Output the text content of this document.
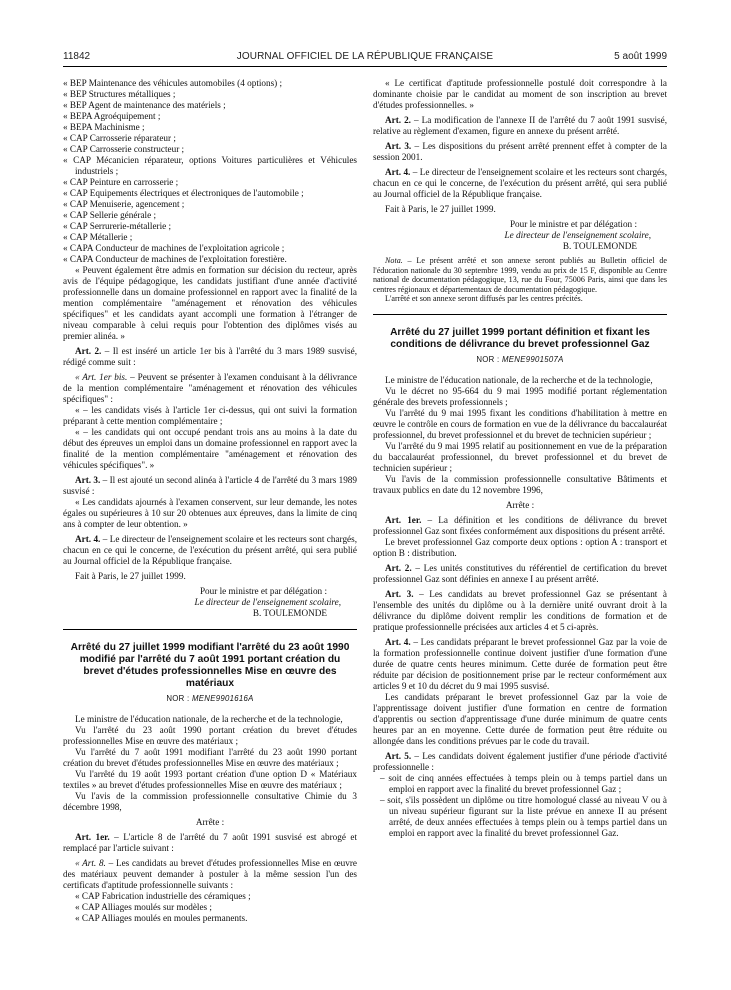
11842	JOURNAL OFFICIEL DE LA RÉPUBLIQUE FRANÇAISE	5 août 1999

« BEP Maintenance des véhicules automobiles (4 options) ;

« BEP Structures métalliques ;

« BEP Agent de maintenance des matériels ;

« BEPA Agroéquipement ;

« BEPA Machinisme ;

« CAP Carrosserie réparateur ;

« CAP Carrosserie constructeur ;

« CAP Mécanicien réparateur, options Voitures particulières et Véhicules industriels ;

« CAP Peinture en carrosserie ;

« CAP Equipements électriques et électroniques de l'automobile ;

« CAP Menuiserie, agencement ;

« CAP Sellerie générale ;

« CAP Serrurerie-métallerie ;

« CAP Métallerie ;

« CAPA Conducteur de machines de l'exploitation agricole ;

« CAPA Conducteur de machines de l'exploitation forestière.

« Peuvent également être admis en formation sur décision du recteur, après avis de l'équipe pédagogique, les candidats justifiant d'une année d'activité professionnelle dans un domaine professionnel en rapport avec la finalité de la mention complémentaire "aménagement et rénovation des véhicules spécifiques" et les candidats ayant accompli une formation à l'étranger de niveau comparable à celui requis pour l'obtention des diplômes visés au premier alinéa. »

Art. 2. – Il est inséré un article 1er bis à l'arrêté du 3 mars 1989 susvisé, rédigé comme suit :

« Art. 1er bis. – Peuvent se présenter à l'examen conduisant à la délivrance de la mention complémentaire "aménagement et rénovation des véhicules spécifiques" :

« – les candidats visés à l'article 1er ci-dessus, qui ont suivi la formation préparant à cette mention complémentaire ;

« – les candidats qui ont occupé pendant trois ans au moins à la date du début des épreuves un emploi dans un domaine professionnel en rapport avec la finalité de la mention complémentaire "aménagement et rénovation des véhicules spécifiques". »

Art. 3. – Il est ajouté un second alinéa à l'article 4 de l'arrêté du 3 mars 1989 susvisé :

« Les candidats ajournés à l'examen conservent, sur leur demande, les notes égales ou supérieures à 10 sur 20 obtenues aux épreuves, dans la limite de cinq ans à compter de leur obtention. »

Art. 4. – Le directeur de l'enseignement scolaire et les recteurs sont chargés, chacun en ce qui le concerne, de l'exécution du présent arrêté, qui sera publié au Journal officiel de la République française.

Fait à Paris, le 27 juillet 1999.

Pour le ministre et par délégation :

Le directeur de l'enseignement scolaire,

B. TOULEMONDE

Arrêté du 27 juillet 1999 modifiant l'arrêté du 23 août 1990 modifié par l'arrêté du 7 août 1991 portant création du brevet d'études professionnelles Mise en œuvre des matériaux
NOR : MENE9901616A

Le ministre de l'éducation nationale, de la recherche et de la technologie,

Vu l'arrêté du 23 août 1990 portant création du brevet d'études professionnelles Mise en œuvre des matériaux ;

Vu l'arrêté du 7 août 1991 modifiant l'arrêté du 23 août 1990 portant création du brevet d'études professionnelles Mise en œuvre des matériaux ;

Vu l'arrêté du 19 août 1993 portant création d'une option D « Matériaux textiles » au brevet d'études professionnelles Mise en œuvre des matériaux ;

Vu l'avis de la commission professionnelle consultative Chimie du 3 décembre 1998,

Arrête :

Art. 1er. – L'article 8 de l'arrêté du 7 août 1991 susvisé est abrogé et remplacé par l'article suivant :

« Art. 8. – Les candidats au brevet d'études professionnelles Mise en œuvre des matériaux peuvent demander à postuler à la même session l'un des certificats d'aptitude professionnelle suivants :

« CAP Fabrication industrielle des céramiques ;

« CAP Alliages moulés sur modèles ;

« CAP Alliages moulés en moules permanents.

« Le certificat d'aptitude professionnelle postulé doit correspondre à la dominante choisie par le candidat au moment de son inscription au brevet d'études professionnelles. »

Art. 2. – La modification de l'annexe II de l'arrêté du 7 août 1991 susvisé, relative au règlement d'examen, figure en annexe du présent arrêté.

Art. 3. – Les dispositions du présent arrêté prennent effet à compter de la session 2001.

Art. 4. – Le directeur de l'enseignement scolaire et les recteurs sont chargés, chacun en ce qui le concerne, de l'exécution du présent arrêté, qui sera publié au Journal officiel de la République française.

Fait à Paris, le 27 juillet 1999.

Pour le ministre et par délégation :

Le directeur de l'enseignement scolaire,

B. TOULEMONDE

Nota. – Le présent arrêté et son annexe seront publiés au Bulletin officiel de l'éducation nationale du 30 septembre 1999, vendu au prix de 15 F, disponible au Centre national de documentation pédagogique, 13, rue du Four, 75006 Paris, ainsi que dans les centres régionaux et départementaux de documentation pédagogique.

L'arrêté et son annexe seront diffusés par les centres précités.

Arrêté du 27 juillet 1999 portant définition et fixant les conditions de délivrance du brevet professionnel Gaz
NOR : MENE9901507A

Le ministre de l'éducation nationale, de la recherche et de la technologie,

Vu le décret no 95-664 du 9 mai 1995 modifié portant réglementation générale des brevets professionnels ;

Vu l'arrêté du 9 mai 1995 fixant les conditions d'habilitation à mettre en œuvre le contrôle en cours de formation en vue de la délivrance du baccalauréat professionnel, du brevet professionnel et du brevet de technicien supérieur ;

Vu l'arrêté du 9 mai 1995 relatif au positionnement en vue de la préparation du baccalauréat professionnel, du brevet professionnel et du brevet de technicien supérieur ;

Vu l'avis de la commission professionnelle consultative Bâtiments et travaux publics en date du 12 novembre 1996,

Arrête :

Art. 1er. – La définition et les conditions de délivrance du brevet professionnel Gaz sont fixées conformément aux dispositions du présent arrêté.

Le brevet professionnel Gaz comporte deux options : option A : transport et option B : distribution.

Art. 2. – Les unités constitutives du référentiel de certification du brevet professionnel Gaz sont définies en annexe I au présent arrêté.

Art. 3. – Les candidats au brevet professionnel Gaz se présentant à l'ensemble des unités du diplôme ou à la dernière unité ouvrant droit à la délivrance du diplôme doivent remplir les conditions de formation et de pratique professionnelle précisées aux articles 4 et 5 ci-après.

Art. 4. – Les candidats préparant le brevet professionnel Gaz par la voie de la formation professionnelle continue doivent justifier d'une formation d'une durée de quatre cents heures minimum. Cette durée de formation peut être réduite par décision de positionnement prise par le recteur conformément aux articles 9 et 10 du décret du 9 mai 1995 susvisé.

Les candidats préparant le brevet professionnel Gaz par la voie de l'apprentissage doivent justifier d'une formation en centre de formation d'apprentis ou section d'apprentissage d'une durée minimum de quatre cents heures par an en moyenne. Cette durée de formation peut être réduite ou allongée dans les conditions prévues par le code du travail.

Art. 5. – Les candidats doivent également justifier d'une période d'activité professionnelle :

– soit de cinq années effectuées à temps plein ou à temps partiel dans un emploi en rapport avec la finalité du brevet professionnel Gaz ;

– soit, s'ils possèdent un diplôme ou titre homologué classé au niveau V ou à un niveau supérieur figurant sur la liste prévue en annexe II au présent arrêté, de deux années effectuées à temps plein ou à temps partiel dans un emploi en rapport avec la finalité du brevet professionnel Gaz.
